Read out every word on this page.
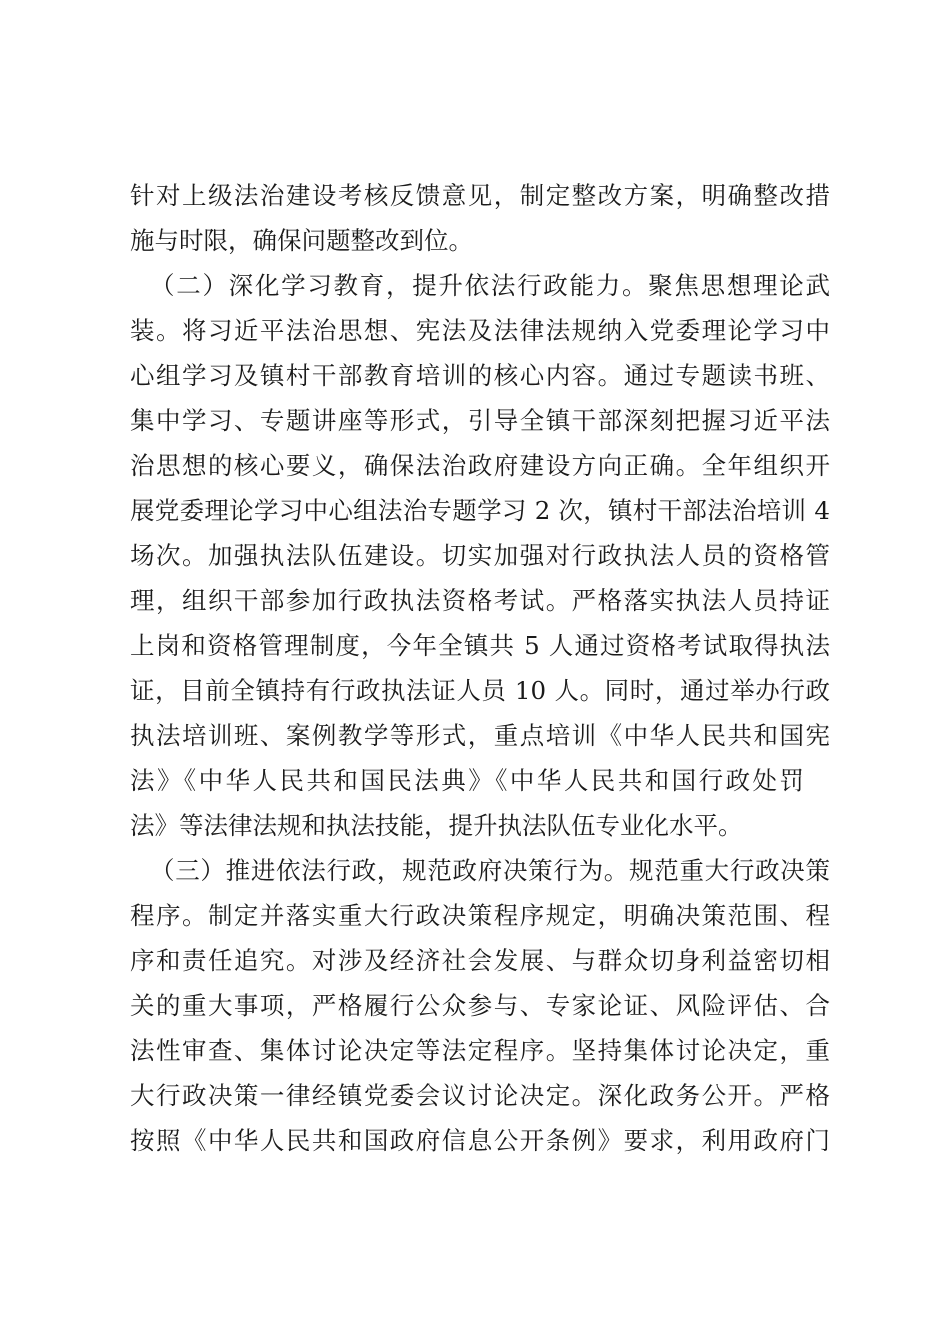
针对上级法治建设考核反馈意见，制定整改方案，明确整改措
施与时限，确保问题整改到位。
（二）深化学习教育，提升依法行政能力。聚焦思想理论武
装。将习近平法治思想、宪法及法律法规纳入党委理论学习中
心组学习及镇村干部教育培训的核心内容。通过专题读书班、
集中学习、专题讲座等形式，引导全镇干部深刻把握习近平法
治思想的核心要义，确保法治政府建设方向正确。全年组织开
展党委理论学习中心组法治专题学习 2 次，镇村干部法治培训 4
场次。加强执法队伍建设。切实加强对行政执法人员的资格管
理，组织干部参加行政执法资格考试。严格落实执法人员持证
上岗和资格管理制度，今年全镇共 5 人通过资格考试取得执法
证，目前全镇持有行政执法证人员 10 人。同时，通过举办行政
执法培训班、案例教学等形式，重点培训《中华人民共和国宪
法》《中华人民共和国民法典》《中华人民共和国行政处罚
法》等法律法规和执法技能，提升执法队伍专业化水平。
（三）推进依法行政，规范政府决策行为。规范重大行政决策
程序。制定并落实重大行政决策程序规定，明确决策范围、程
序和责任追究。对涉及经济社会发展、与群众切身利益密切相
关的重大事项，严格履行公众参与、专家论证、风险评估、合
法性审查、集体讨论决定等法定程序。坚持集体讨论决定，重
大行政决策一律经镇党委会议讨论决定。深化政务公开。严格
按照《中华人民共和国政府信息公开条例》要求，利用政府门
